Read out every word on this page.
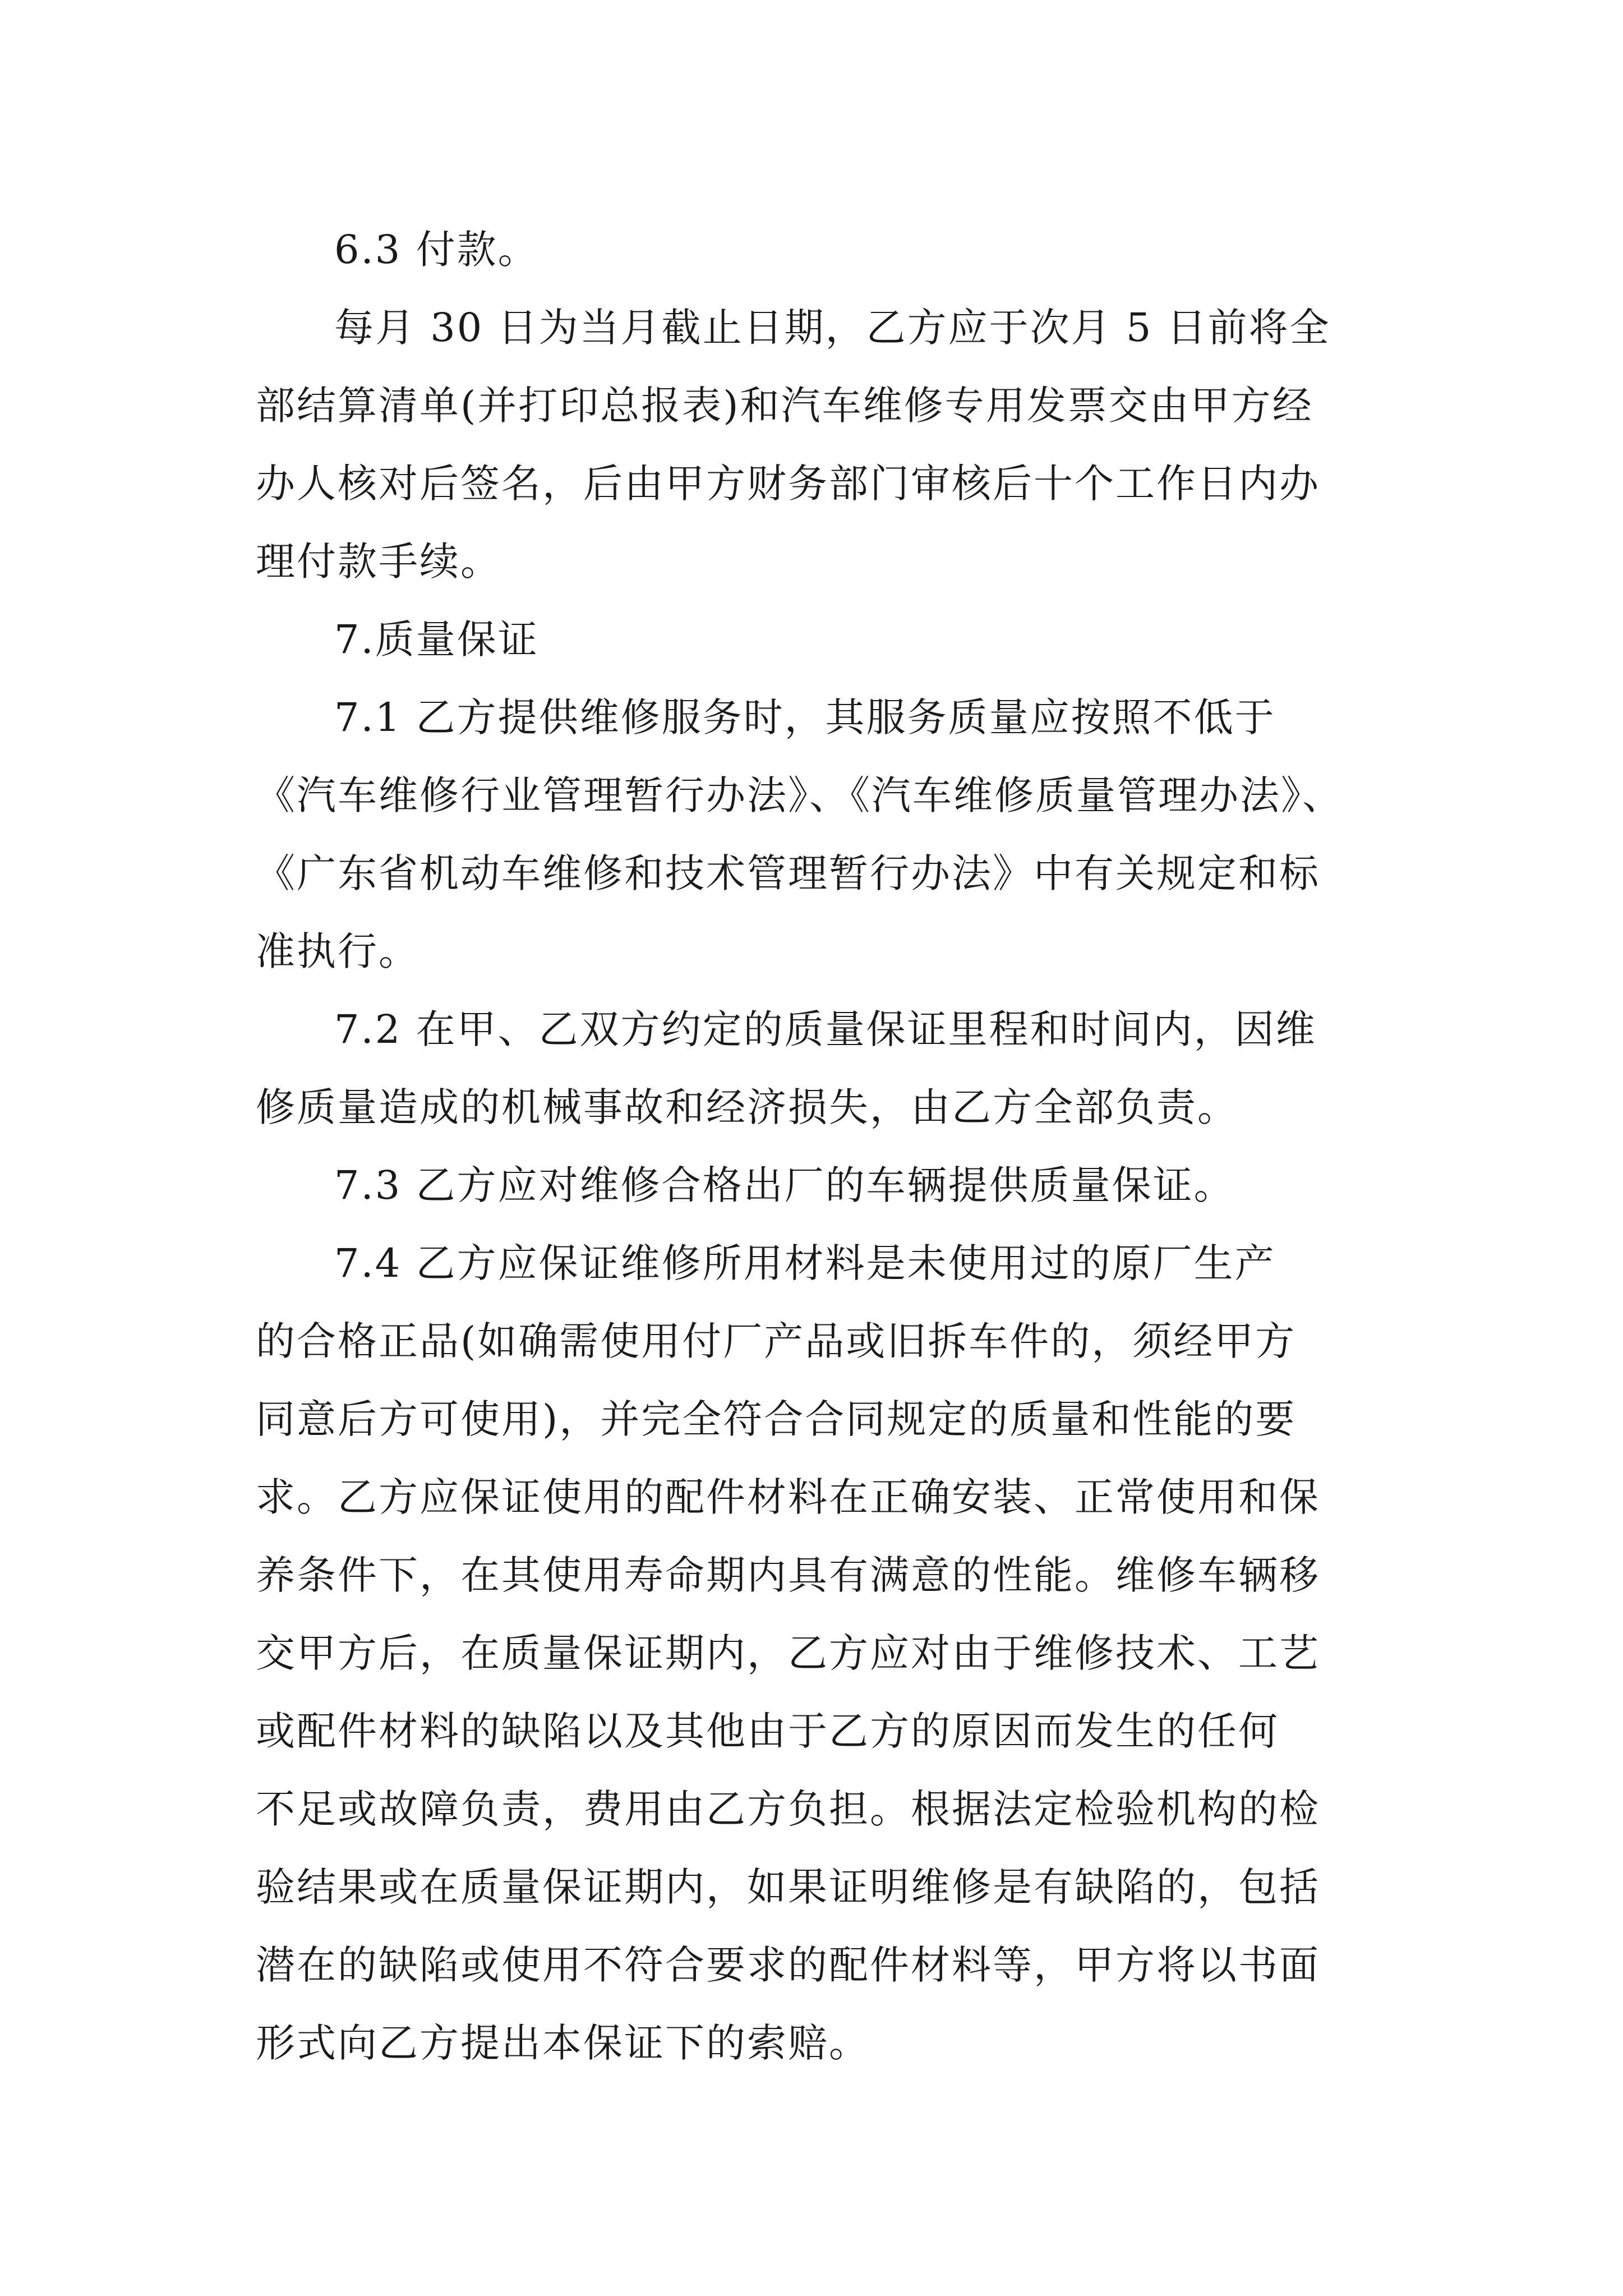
6.3 付款。
每月 30 日为当月截止日期，乙方应于次月 5 日前将全
部结算清单(并打印总报表)和汽车维修专用发票交由甲方经
办人核对后签名，后由甲方财务部门审核后十个工作日内办
理付款手续。
7.质量保证
7.1 乙方提供维修服务时，其服务质量应按照不低于
《汽车维修行业管理暂行办法》、《汽车维修质量管理办法》、
《广东省机动车维修和技术管理暂行办法》中有关规定和标
准执行。
7.2 在甲、乙双方约定的质量保证里程和时间内，因维
修质量造成的机械事故和经济损失，由乙方全部负责。
7.3 乙方应对维修合格出厂的车辆提供质量保证。
7.4 乙方应保证维修所用材料是未使用过的原厂生产
的合格正品(如确需使用付厂产品或旧拆车件的，须经甲方
同意后方可使用)，并完全符合合同规定的质量和性能的要
求。乙方应保证使用的配件材料在正确安装、正常使用和保
养条件下，在其使用寿命期内具有满意的性能。维修车辆移
交甲方后，在质量保证期内，乙方应对由于维修技术、工艺
或配件材料的缺陷以及其他由于乙方的原因而发生的任何
不足或故障负责，费用由乙方负担。根据法定检验机构的检
验结果或在质量保证期内，如果证明维修是有缺陷的，包括
潜在的缺陷或使用不符合要求的配件材料等，甲方将以书面
形式向乙方提出本保证下的索赔。
